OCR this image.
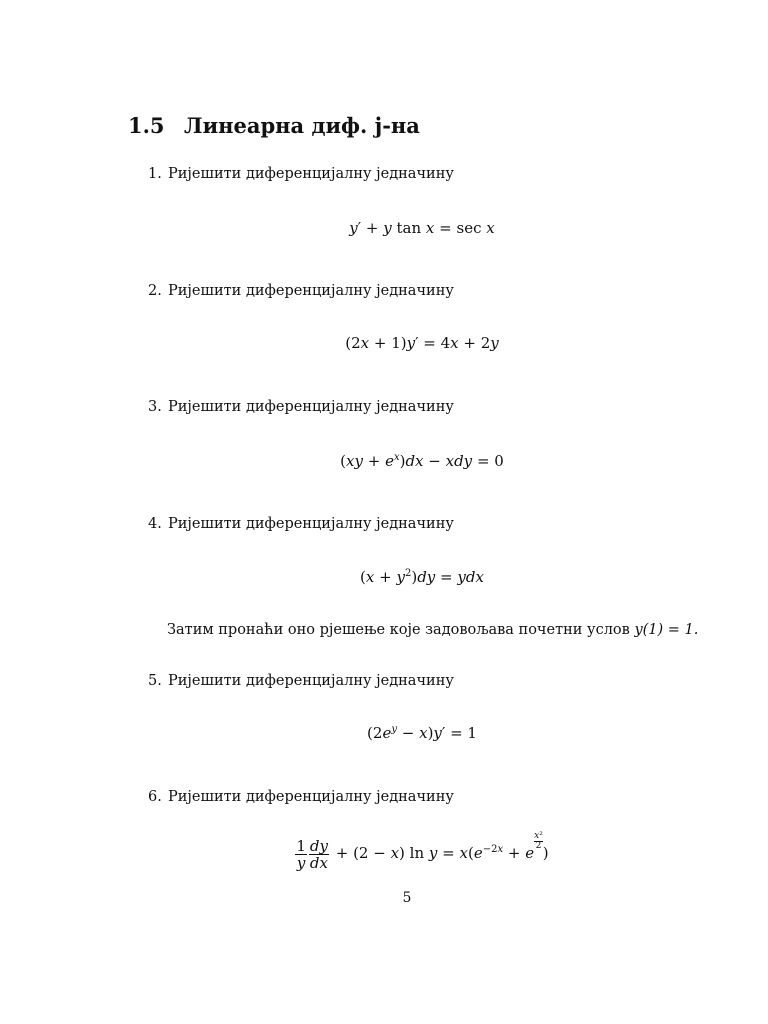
1.5 Линеарна диф. j-на
1. Ријешити диференцијалну једначину
y′ + y tan x = sec x
2. Ријешити диференцијалну једначину
(2x + 1)y′ = 4x + 2y
3. Ријешити диференцијалну једначину
$(xy + e^x)dx$ − xdy = 0
4. Ријешити диференцијалну једначину
$(x + y^2)dy$ = ydx
Затим пронаћи оно рјешење које задовољава почетни услов y(1) = 1.
5. Ријешити диференцијалну једначину
$(2e^y - x)y' = 1$
6. Ријешити диференцијалну једначину
$\frac{1}{y} \frac{dy}{dx} + (2 - x)$ $\ln y = x(e^{-2x} + e$
$\frac{\text{x²}}{2}$
)
5
